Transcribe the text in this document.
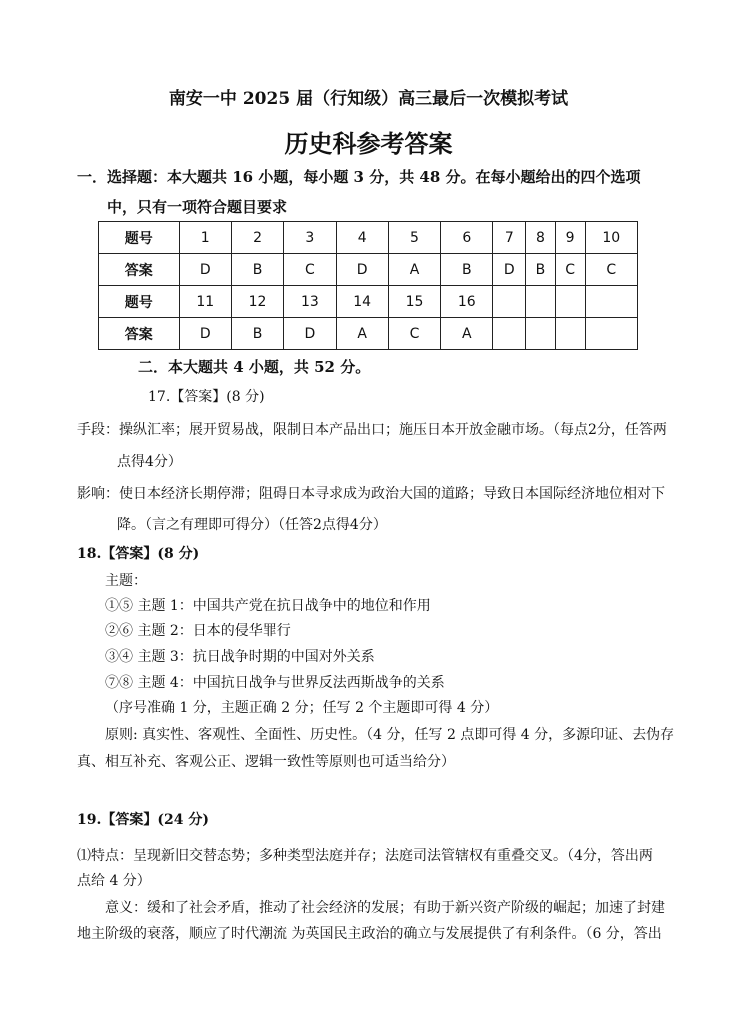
南安一中 2025 届（行知级）高三最后一次模拟考试
历史科参考答案
一．选择题：本大题共 16 小题，每小题 3 分，共 48 分。在每小题给出的四个选项
中，只有一项符合题目要求
题号	1	2	3	4	5	6	7	8	9	10
答案	D	B	C	D	A	B	D	B	C	C
题号	11	12	13	14	15	16				
答案	D	B	D	A	C	A				
二．本大题共 4 小题，共 52 分。
17.【答案】(8 分)
手段：操纵汇率；展开贸易战，限制日本产品出口；施压日本开放金融市场。（每点2分，任答两
点得4分）
影响：使日本经济长期停滞；阻碍日本寻求成为政治大国的道路；导致日本国际经济地位相对下
降。（言之有理即可得分）（任答2点得4分）
18.【答案】(8 分)
主题：
①⑤ 主题 1：中国共产党在抗日战争中的地位和作用
②⑥ 主题 2：日本的侵华罪行
③④ 主题 3：抗日战争时期的中国对外关系
⑦⑧ 主题 4：中国抗日战争与世界反法西斯战争的关系
（序号准确 1 分，主题正确 2 分；任写 2 个主题即可得 4 分）
原则: 真实性、客观性、全面性、历史性。（4 分，任写 2 点即可得 4 分，多源印证、去伪存
真、相互补充、客观公正、逻辑一致性等原则也可适当给分）
19.【答案】(24 分)
⑴特点：呈现新旧交替态势；多种类型法庭并存；法庭司法管辖权有重叠交叉。（4分，答出两
点给 4 分）
意义：缓和了社会矛盾，推动了社会经济的发展；有助于新兴资产阶级的崛起；加速了封建
地主阶级的衰落，顺应了时代潮流 为英国民主政治的确立与发展提供了有利条件。（6 分，答出
